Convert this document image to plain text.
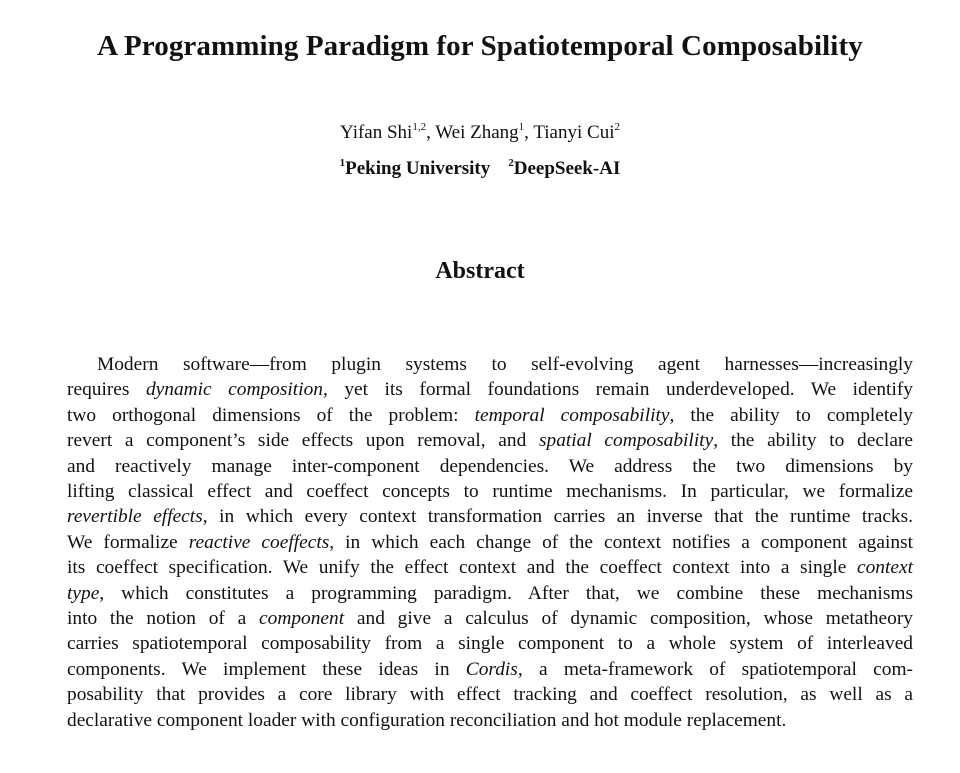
A Programming Paradigm for Spatiotemporal Composability
Yifan Shi$^{1,2}$, Wei Zhang$^1$, Tianyi Cui$^2$
$^1$Peking University $^2$DeepSeek-AI
Abstract
Modern software—from plugin systems to self-evolving agent harnesses—increasingly
requires dynamic composition, yet its formal foundations remain underdeveloped. We identify
two orthogonal dimensions of the problem: temporal composability, the ability to completely
revert a component’s side effects upon removal, and spatial composability, the ability to declare
and reactively manage inter-component dependencies. We address the two dimensions by
lifting classical effect and coeffect concepts to runtime mechanisms. In particular, we formalize
revertible effects, in which every context transformation carries an inverse that the runtime tracks.
We formalize reactive coeffects, in which each change of the context notifies a component against
its coeffect specification. We unify the effect context and the coeffect context into a single context
type, which constitutes a programming paradigm. After that, we combine these mechanisms
into the notion of a component and give a calculus of dynamic composition, whose metatheory
carries spatiotemporal composability from a single component to a whole system of interleaved
components. We implement these ideas in Cordis, a meta-framework of spatiotemporal com-
posability that provides a core library with effect tracking and coeffect resolution, as well as a
declarative component loader with configuration reconciliation and hot module replacement.
